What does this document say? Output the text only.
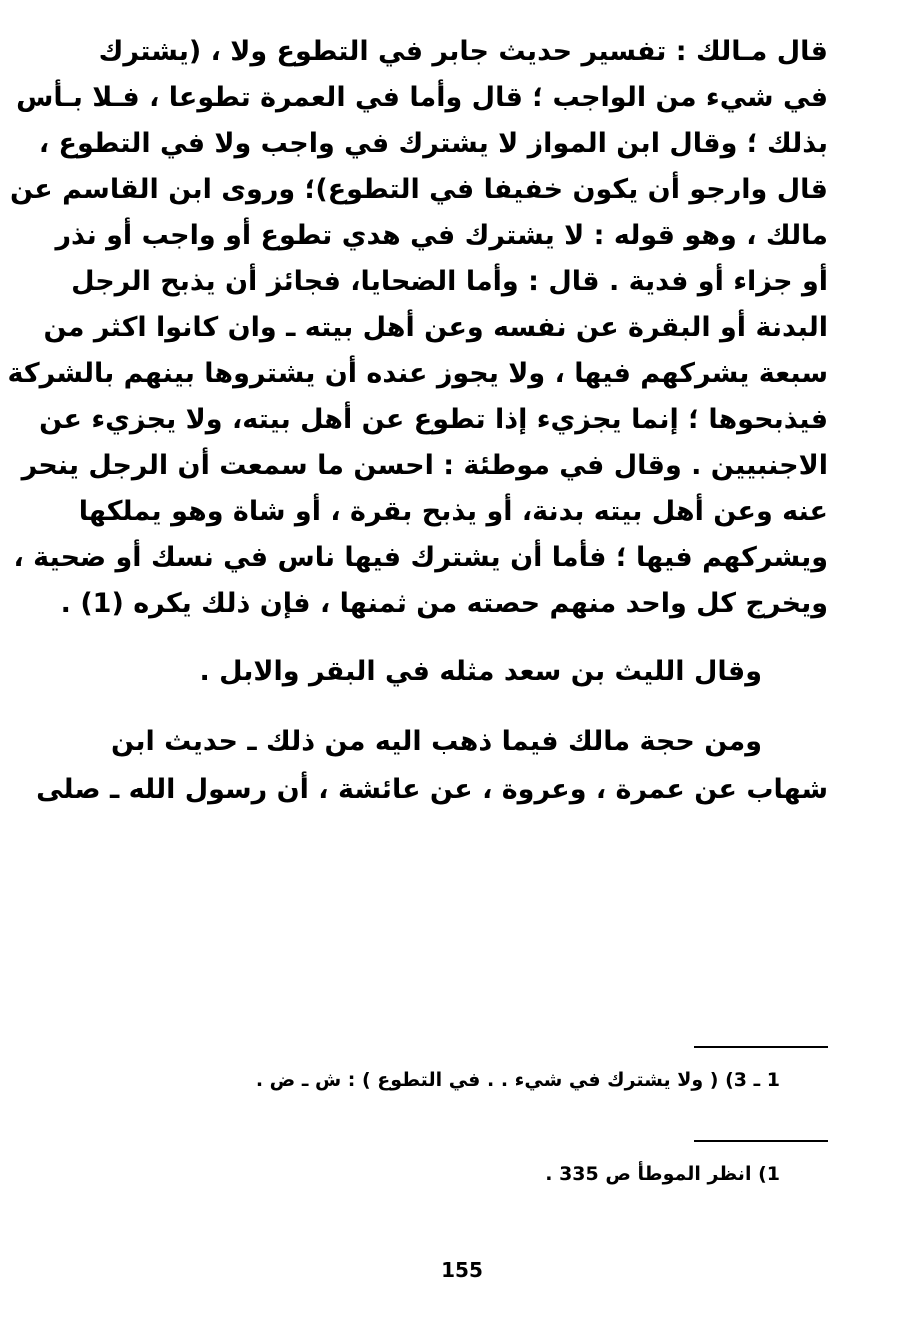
قال مـالك : تفسير حديث جابر في التطوع ولا ، (يشترك
في شيء من الواجب ؛ قال وأما في العمرة تطوعا ، فـلا بـأس
بذلك ؛ وقال ابن المواز لا يشترك في واجب ولا في التطوع ،
قال وارجو أن يكون خفيفا في التطوع)؛ وروى ابن القاسم عن
مالك ، وهو قوله : لا يشترك في هدي تطوع أو واجب أو نذر
أو جزاء أو فدية . قال : وأما الضحايا، فجائز أن يذبح الرجل
البدنة أو البقرة عن نفسه وعن أهل بيته ـ وان كانوا اكثر من
سبعة يشركهم فيها ، ولا يجوز عنده أن يشتروها بينهم بالشركة
فيذبحوها ؛ إنما يجزيء إذا تطوع عن أهل بيته، ولا يجزيء عن
الاجنبيين . وقال في موطئة : احسن ما سمعت أن الرجل ينحر
عنه وعن أهل بيته بدنة، أو يذبح بقرة ، أو شاة وهو يملكها
ويشركهم فيها ؛ فأما أن يشترك فيها ناس في نسك أو ضحية ،
ويخرج كل واحد منهم حصته من ثمنها ، فإن ذلك يكره (1) .
وقال الليث بن سعد مثله في البقر والابل .
ومن حجة مالك فيما ذهب اليه من ذلك ـ حديث ابن
شهاب عن عمرة ، وعروة ، عن عائشة ، أن رسول الله ـ صلى
1 ـ 3) ( ولا يشترك في شيء . . في التطوع ) : ش ـ ض .
1) انظر الموطأ ص 335 .
155
